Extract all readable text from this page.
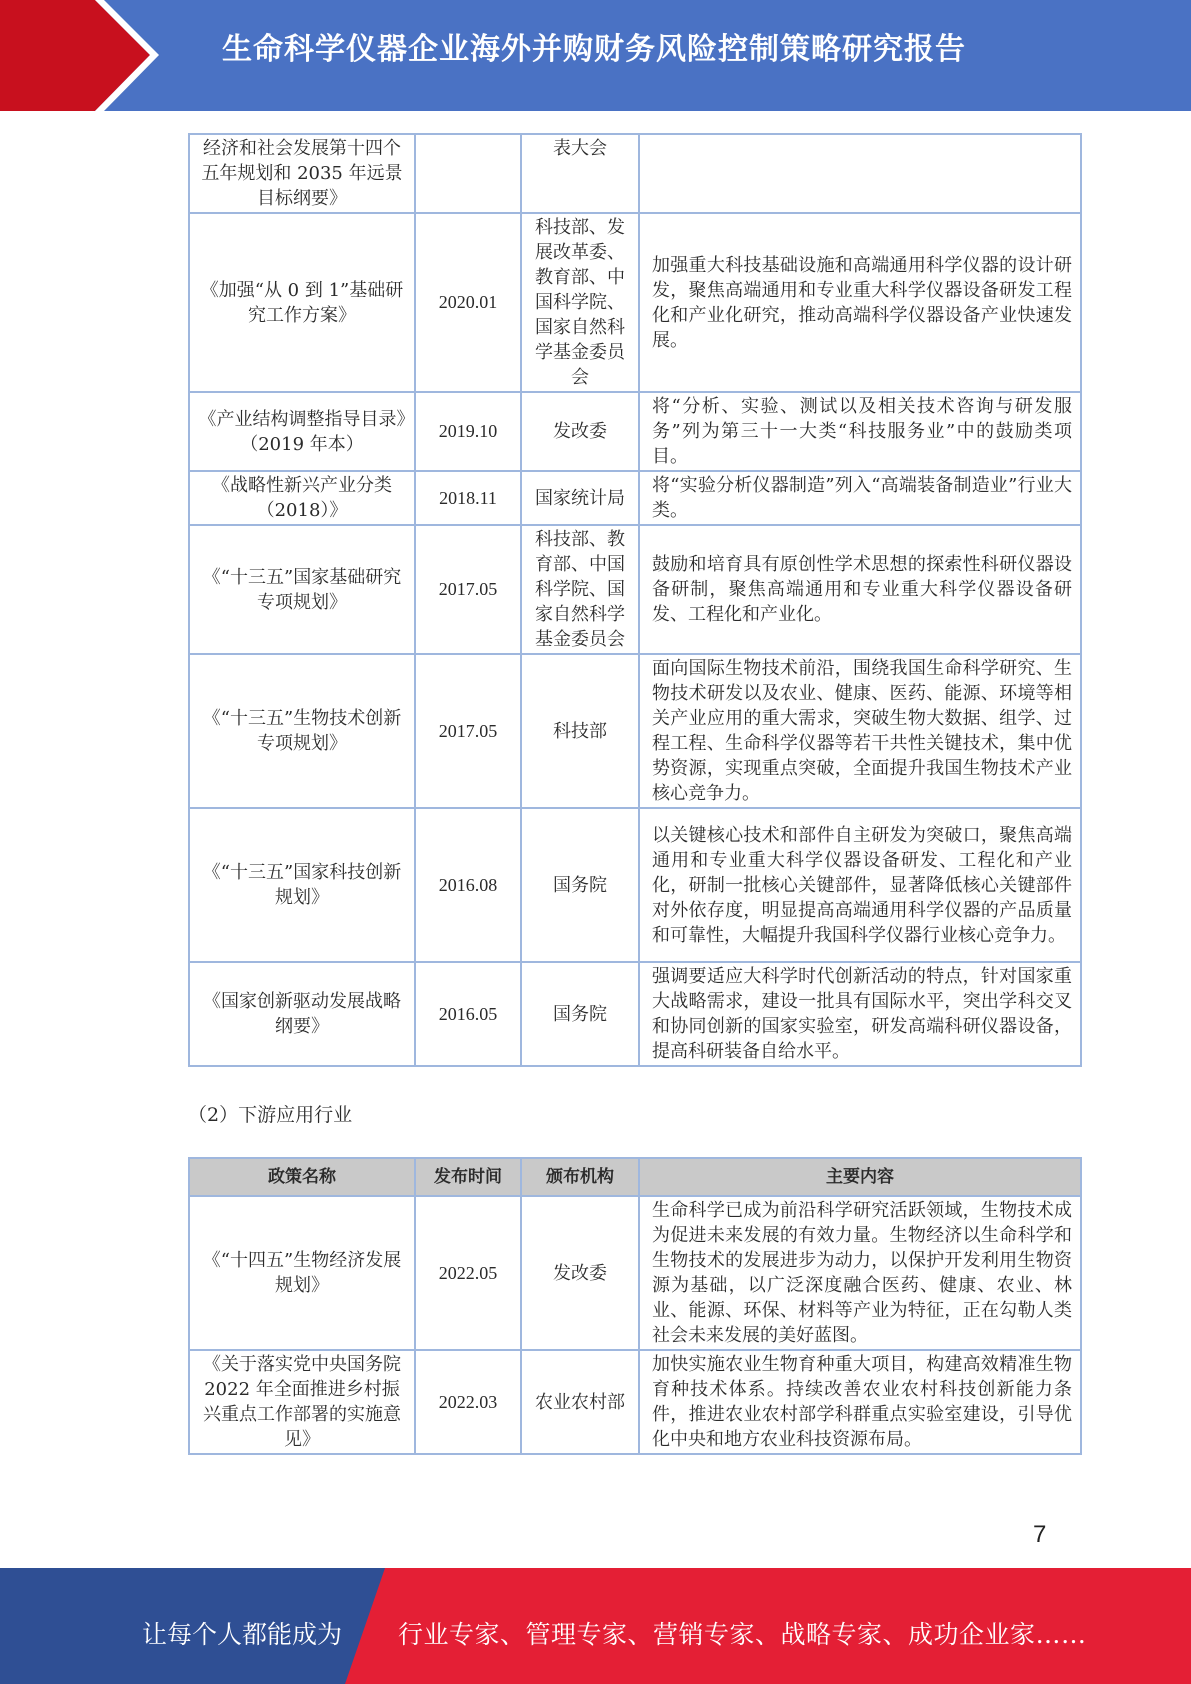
生命科学仪器企业海外并购财务风险控制策略研究报告
经济和社会发展第十四个五年规划和 2035 年远景目标纲要》		表大会	
《加强“从 0 到 1”基础研究工作方案》	2020.01	科技部、发展改革委、教育部、中国科学院、国家自然科学基金委员会	加强重大科技基础设施和高端通用科学仪器的设计研发，聚焦高端通用和专业重大科学仪器设备研发工程化和产业化研究，推动高端科学仪器设备产业快速发展。
《产业结构调整指导目录》（2019 年本）	2019.10	发改委	将“分析、实验、测试以及相关技术咨询与研发服务”列为第三十一大类“科技服务业”中的鼓励类项目。
《战略性新兴产业分类（2018）》	2018.11	国家统计局	将“实验分析仪器制造”列入“高端装备制造业”行业大类。
《“十三五”国家基础研究专项规划》	2017.05	科技部、教育部、中国科学院、国家自然科学基金委员会	鼓励和培育具有原创性学术思想的探索性科研仪器设备研制，聚焦高端通用和专业重大科学仪器设备研发、工程化和产业化。
《“十三五”生物技术创新专项规划》	2017.05	科技部	面向国际生物技术前沿，围绕我国生命科学研究、生物技术研发以及农业、健康、医药、能源、环境等相关产业应用的重大需求，突破生物大数据、组学、过程工程、生命科学仪器等若干共性关键技术，集中优势资源，实现重点突破，全面提升我国生物技术产业核心竞争力。
《“十三五”国家科技创新规划》	2016.08	国务院	以关键核心技术和部件自主研发为突破口，聚焦高端通用和专业重大科学仪器设备研发、工程化和产业化，研制一批核心关键部件，显著降低核心关键部件对外依存度，明显提高高端通用科学仪器的产品质量和可靠性，大幅提升我国科学仪器行业核心竞争力。
《国家创新驱动发展战略纲要》	2016.05	国务院	强调要适应大科学时代创新活动的特点，针对国家重大战略需求，建设一批具有国际水平，突出学科交叉和协同创新的国家实验室，研发高端科研仪器设备，提高科研装备自给水平。
（2）下游应用行业
政策名称	发布时间	颁布机构	主要内容
《“十四五”生物经济发展规划》	2022.05	发改委	生命科学已成为前沿科学研究活跃领域，生物技术成为促进未来发展的有效力量。生物经济以生命科学和生物技术的发展进步为动力，以保护开发利用生物资源为基础，以广泛深度融合医药、健康、农业、林业、能源、环保、材料等产业为特征，正在勾勒人类社会未来发展的美好蓝图。
《关于落实党中央国务院 2022 年全面推进乡村振兴重点工作部署的实施意见》	2022.03	农业农村部	加快实施农业生物育种重大项目，构建高效精准生物育种技术体系。持续改善农业农村科技创新能力条件，推进农业农村部学科群重点实验室建设，引导优化中央和地方农业科技资源布局。
7
让每个人都能成为 行业专家、管理专家、营销专家、战略专家、成功企业家……
